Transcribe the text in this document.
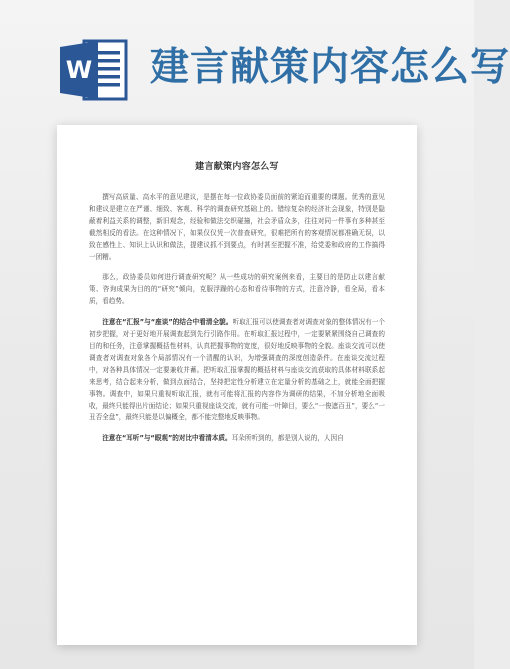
W 建言献策内容怎么写
建言献策内容怎么写

撰写高质量、高水平的意见建议，是摆在每一位政协委员面前的紧迫而重要的课题。优秀的意见和建议是建立在严谨、细致、客观、科学的调查研究基础上的。错综复杂的经济社会现象，特别是隐蔽着利益关系的调整，新旧观念，经验和做法交织碰撞，社会矛盾众多，往往对同一件事有多种甚至截然相反的看法。在这种情况下，如果仅仅凭一次普查研究，很难把所有的客观情况都准确无误，以致在感性上、知识上认识和做法，提建议抓不到要点，有时甚至把握不准，给党委和政府的工作搞得一团糟。

那么，政协委员如何进行调查研究呢？从一些成功的研究案例来看，主要目的是防止以建言献策、咨询成果为目的的“研究”倾向，克服浮躁的心态和看待事物的方式，注意冷静，看全局，看本质，看趋势。

注意在“汇报”与“座谈”的结合中看清全貌。听取汇报可以使调查者对调查对象的整体情况有一个初步把握，对于更好地开展调查起到先行引路作用。在听取汇报过程中，一定要紧紧围绕自己调查的目的和任务，注意掌握概括性材料，认真把握事物的宽度，很好地反映事物的全貌。座谈交流可以使调查者对调查对象各个局部情况有一个清醒的认识，为增强调查的深度创造条件。在座谈交流过程中，对各种具体情况一定要兼收并蓄。把听取汇报掌握的概括材料与座谈交流获取的具体材料联系起来思考，结合起来分析，做到点面结合，坚持把定性分析建立在定量分析的基础之上，就能全面把握事物。调查中，如果只重视听取汇报，就有可能将汇报的内容作为调研的结果，不加分析地全面吸收，最终只能得出片面结论；如果只重视座谈交流，就有可能一叶障目，要么“一俊遮百丑”，要么“一丑否全盘”，最终只能是以偏概全，都不能完整地反映事物。

注意在“耳听”与“眼观”的对比中看清本质。耳朵所听到的，都是别人说的，人因自
